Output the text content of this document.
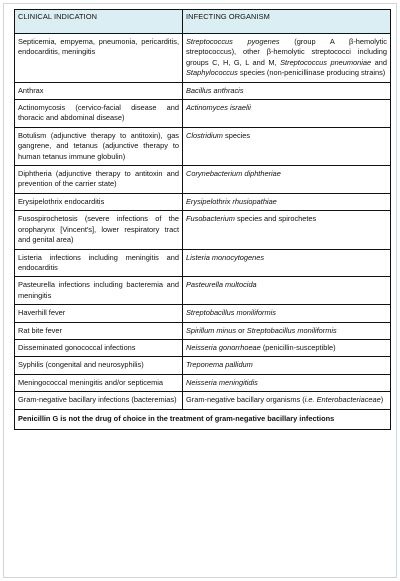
CLINICAL INDICATION	INFECTING ORGANISM
Septicemia, empyema, pneumonia, pericarditis, endocarditis, meningitis	Streptococcus pyogenes (group A β-hemolytic streptococcus), other β-hemolytic streptococci including groups C, H, G, L and M, Streptococcus pneumoniae and Staphylococcus species (non-penicillinase producing strains)
Anthrax	Bacillus anthracis
Actinomycosis (cervico-facial disease and thoracic and abdominal disease)	Actinomyces israelii
Botulism (adjunctive therapy to antitoxin), gas gangrene, and tetanus (adjunctive therapy to human tetanus immune globulin)	Clostridium species
Diphtheria (adjunctive therapy to antitoxin and prevention of the carrier state)	Corynebacterium diphtheriae
Erysipelothrix endocarditis	Erysipelothrix rhusiopathiae
Fusospirochetosis (severe infections of the oropharynx [Vincent's], lower respiratory tract and genital area)	Fusobacterium species and spirochetes
Listeria infections including meningitis and endocarditis	Listeria monocytogenes
Pasteurella infections including bacteremia and meningitis	Pasteurella multocida
Haverhill fever	Streptobacillus moniliformis
Rat bite fever	Spirillum minus or Streptobacillus moniliformis
Disseminated gonococcal infections	Neisseria gonorrhoeae (penicillin-susceptible)
Syphilis (congenital and neurosyphilis)	Treponema pallidum
Meningococcal meningitis and/or septicemia	Neisseria meningitidis
Gram-negative bacillary infections (bacteremias)	Gram-negative bacillary organisms (i.e. Enterobacteriaceae)
Penicillin G is not the drug of choice in the treatment of gram-negative bacillary infections	
